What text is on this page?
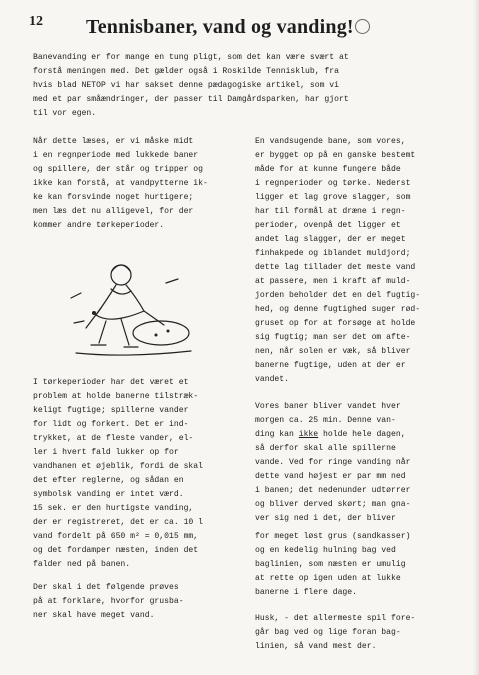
12 Tennisbaner, vand og vanding!
Banevanding er for mange en tung pligt, som det kan være svært at
forstå meningen med. Det gælder også i Roskilde Tennisklub, fra
hvis blad NETOP vi har sakset denne pædagogiske artikel, som vi
med et par småændringer, der passer til Damgårdsparken, har gjort
til vor egen.
Når dette læses, er vi måske midt
i en regnperiode med lukkede baner
og spillere, der står og tripper og
ikke kan forstå, at vandpytterne ik-
ke kan forsvinde noget hurtigere;
men læs det nu alligevel, for der
kommer andre tørkeperioder.
I tørkeperioder har det været et
problem at holde banerne tilstræk-
keligt fugtige; spillerne vander
for lidt og forkert. Det er ind-
trykket, at de fleste vander, el-
ler i hvert fald lukker op for
vandhanen et øjeblik, fordi de skal
det efter reglerne, og sådan en
symbolsk vanding er intet værd.
15 sek. er den hurtigste vanding,
der er registreret, det er ca. 10 l
vand fordelt på 650 m² = 0,015 mm,
og det fordamper næsten, inden det
falder ned på banen.
Der skal i det følgende prøves
på at forklare, hvorfor grusba-
ner skal have meget vand.
En vandsugende bane, som vores,
er bygget op på en ganske bestemt
måde for at kunne fungere både
i regnperioder og tørke. Nederst
ligger et lag grove slagger, som
har til formål at dræne i regn-
perioder, ovenpå det ligger et
andet lag slagger, der er meget
finhakpede og iblandet muldjord;
dette lag tillader det meste vand
at passere, men i kraft af muld-
jorden beholder det en del fugtig-
hed, og denne fugtighed suger rød-
gruset op for at forsøge at holde
sig fugtig; man ser det om afte-
nen, når solen er væk, så bliver
banerne fugtige, uden at der er
vandet.
Vores baner bliver vandet hver
morgen ca. 25 min. Denne van-
ding kan ikke holde hele dagen,
så derfor skal alle spillerne
vande. Ved for ringe vanding når
dette vand højest er par mm ned
i banen; det nedenunder udtørrer
og bliver derved skørt; man gna-
ver sig ned i det, der bliver
for meget løst grus (sandkasser)
og en kedelig hulning bag ved
baglinien, som næsten er umulig
at rette op igen uden at lukke
banerne i flere dage.
Husk, - det allermeste spil fore-
går bag ved og lige foran bag-
linien, så vand mest der.
